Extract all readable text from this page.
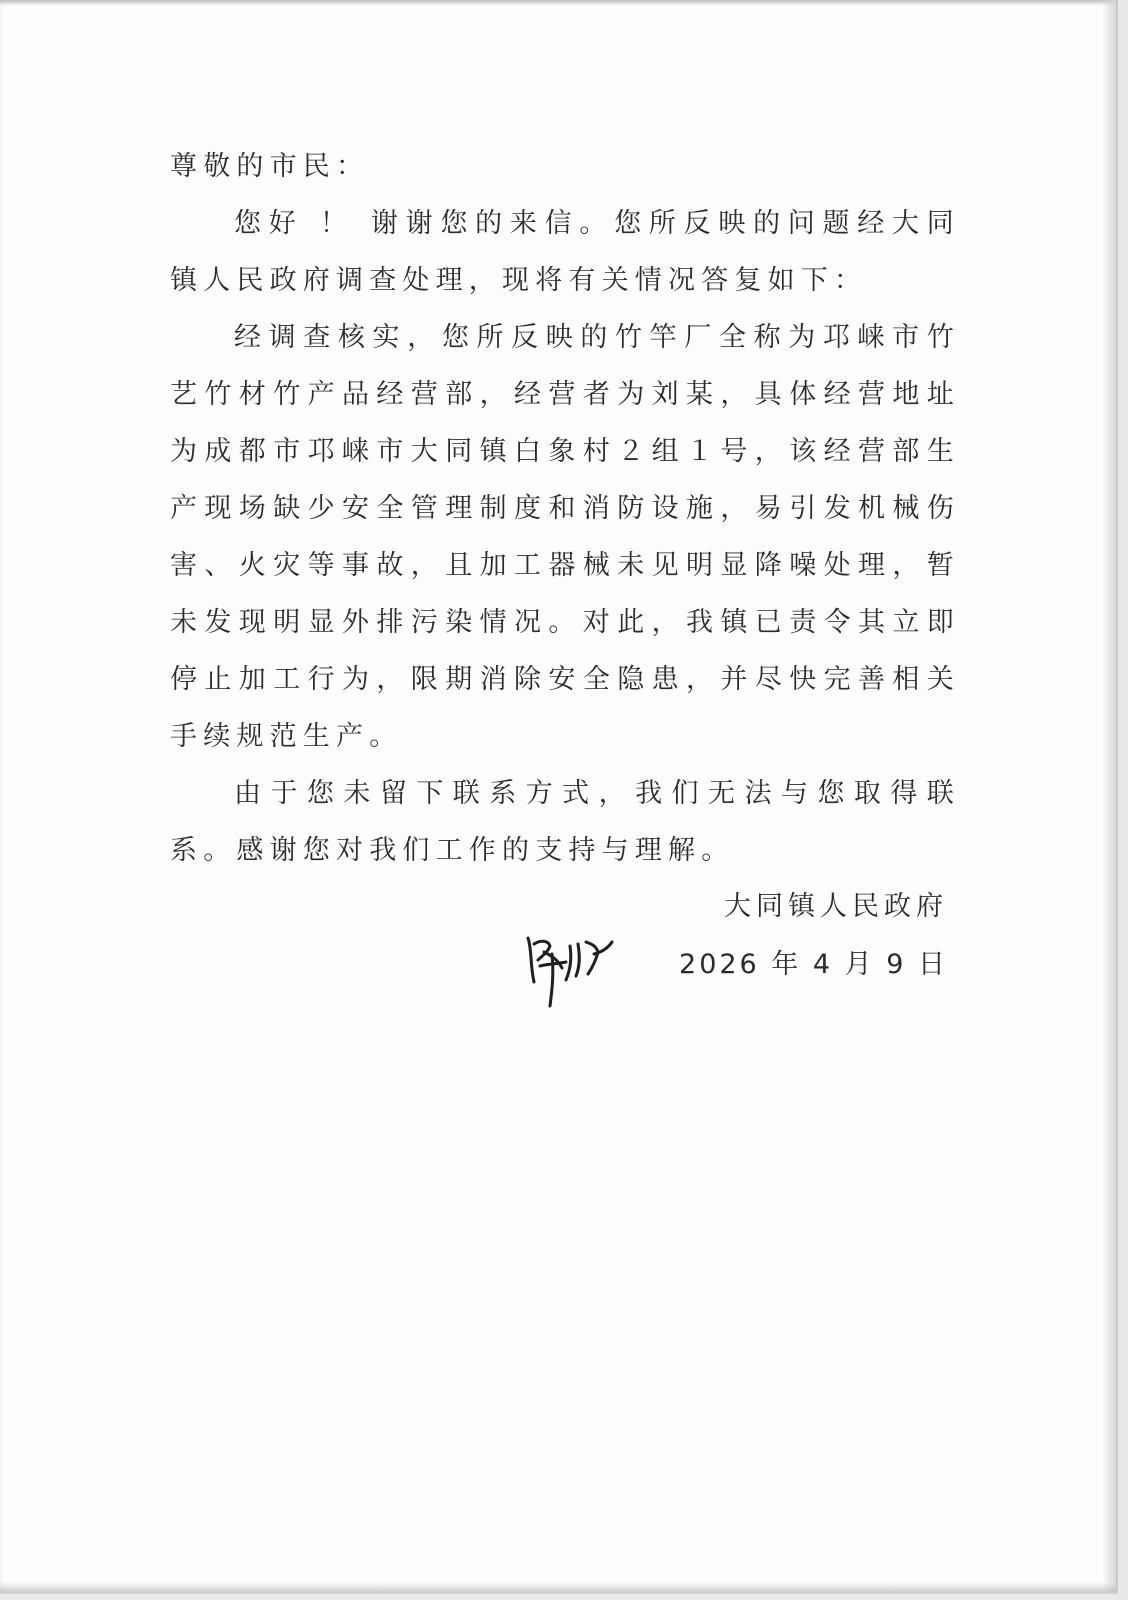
尊敬的市民：

您好 ！ 谢谢您的来信。您所反映的问题经大同镇人民政府调查处理，现将有关情况答复如下：

经调查核实，您所反映的竹竿厂全称为邛崃市竹艺竹材竹产品经营部，经营者为刘某，具体经营地址为成都市邛崃市大同镇白象村２组１号，该经营部生产现场缺少安全管理制度和消防设施，易引发机械伤害、火灾等事故，且加工器械未见明显降噪处理，暂未发现明显外排污染情况。对此，我镇已责令其立即停止加工行为，限期消除安全隐患，并尽快完善相关手续规范生产。

由于您未留下联系方式，我们无法与您取得联系。感谢您对我们工作的支持与理解。

大同镇人民政府
2026 年 4 月 9 日
